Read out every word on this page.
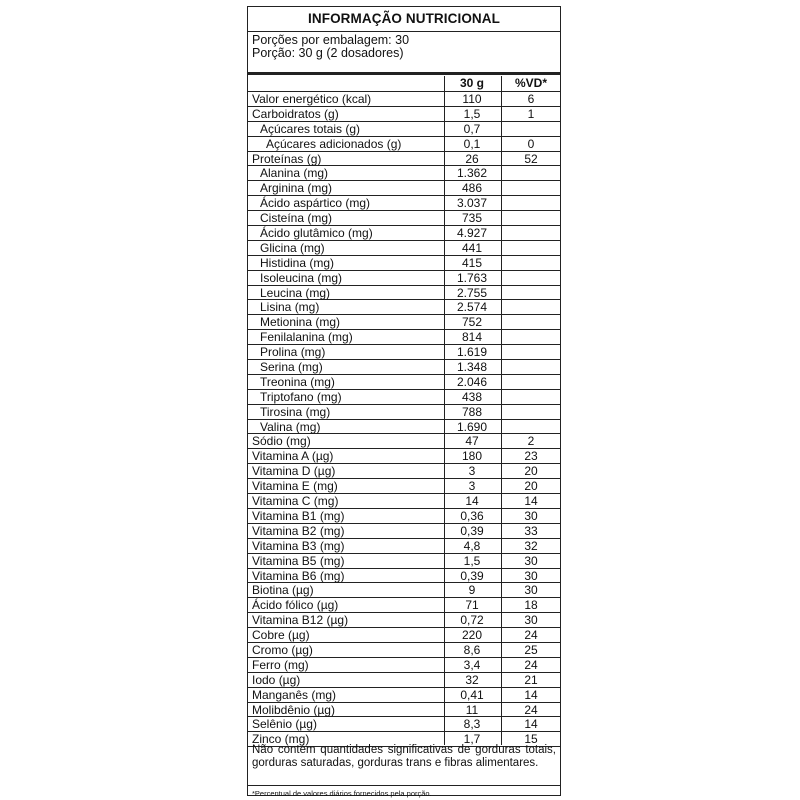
INFORMAÇÃO NUTRICIONAL
Porções por embalagem: 30
Porção: 30 g (2 dosadores)
30 g	%VD*
Valor energético (kcal)	110	6
Carboidratos (g)	1,5	1
Açúcares totais (g)	0,7
Açúcares adicionados (g)	0,1	0
Proteínas (g)	26	52
Alanina (mg)	1.362
Arginina (mg)	486
Ácido aspártico (mg)	3.037
Cisteína (mg)	735
Ácido glutâmico (mg)	4.927
Glicina (mg)	441
Histidina (mg)	415
Isoleucina (mg)	1.763
Leucina (mg)	2.755
Lisina (mg)	2.574
Metionina (mg)	752
Fenilalanina (mg)	814
Prolina (mg)	1.619
Serina (mg)	1.348
Treonina (mg)	2.046
Triptofano (mg)	438
Tirosina (mg)	788
Valina (mg)	1.690
Sódio (mg)	47	2
Vitamina A (µg)	180	23
Vitamina D (µg)	3	20
Vitamina E (mg)	3	20
Vitamina C (mg)	14	14
Vitamina B1 (mg)	0,36	30
Vitamina B2 (mg)	0,39	33
Vitamina B3 (mg)	4,8	32
Vitamina B5 (mg)	1,5	30
Vitamina B6 (mg)	0,39	30
Biotina (µg)	9	30
Ácido fólico (µg)	71	18
Vitamina B12 (µg)	0,72	30
Cobre (µg)	220	24
Cromo (µg)	8,6	25
Ferro (mg)	3,4	24
Iodo (µg)	32	21
Manganês (mg)	0,41	14
Molibdênio (µg)	11	24
Selênio (µg)	8,3	14
Zinco (mg)	1,7	15
Não contém quantidades significativas de gorduras totais, gorduras saturadas, gorduras trans e fibras alimentares.
*Percentual de valores diários fornecidos pela porção.
